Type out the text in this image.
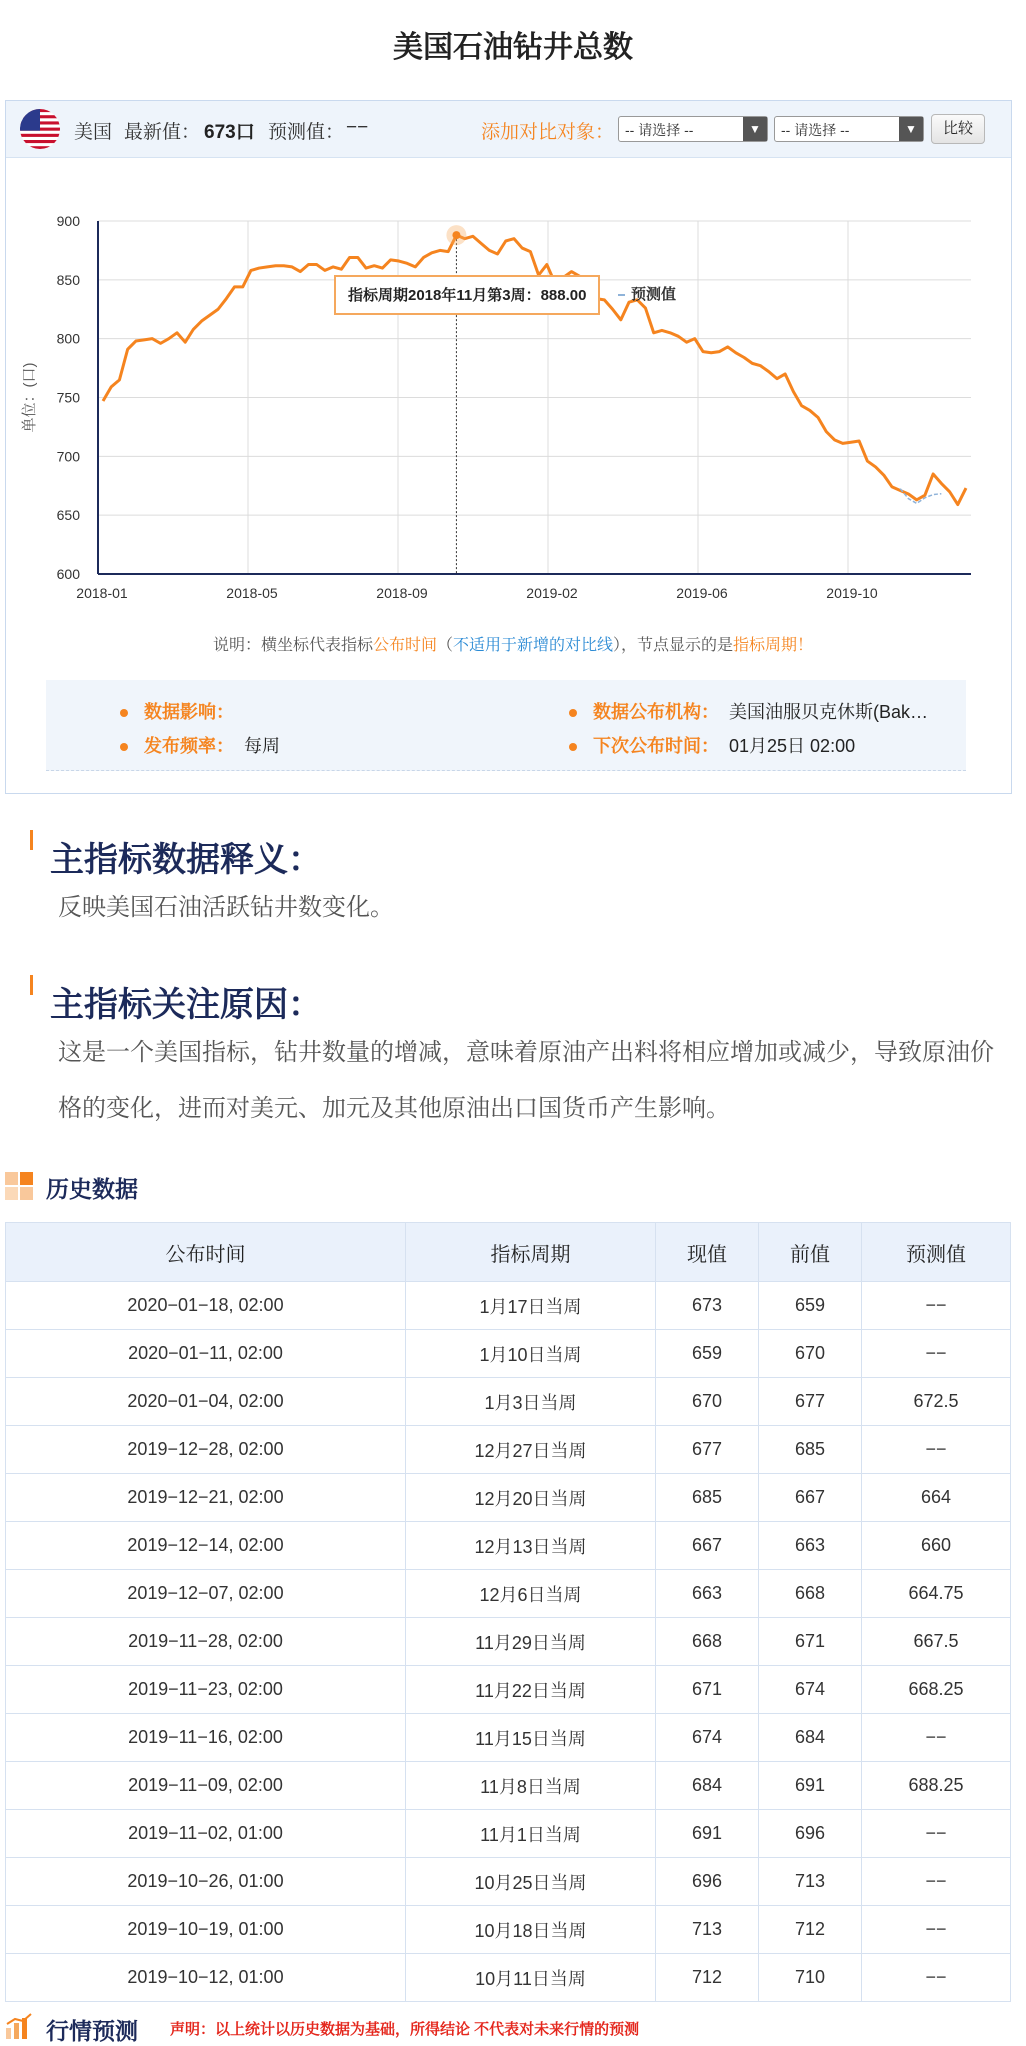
美国石油钻井总数
美国 最新值： 673口 预测值： −−	添加对比对象： -- 请选择 --	▼	-- 请选择 --	▼	比较
600
650
700
750
800
850
900
2018-01	2018-05	2018-09	2019-02	2019-06	2019-10
单位：(口)
指标周期2018年11月第3周：888.00	预测值
说明：横坐标代表指标公布时间（不适用于新增的对比线），节点显示的是指标周期！
数据影响：
发布频率： 每周
数据公布机构： 美国油服贝克休斯(Bak…
下次公布时间： 01月25日 02:00
主指标数据释义：
反映美国石油活跃钻井数变化。
主指标关注原因：
这是一个美国指标，钻井数量的增减，意味着原油产出料将相应增加或减少，导致原油价格的变化，进而对美元、加元及其他原油出口国货币产生影响。
历史数据
公布时间	指标周期	现值	前值	预测值
2020−01−18, 02:00	1月17日当周	673	659	−−
2020−01−11, 02:00	1月10日当周	659	670	−−
2020−01−04, 02:00	1月3日当周	670	677	672.5
2019−12−28, 02:00	12月27日当周	677	685	−−
2019−12−21, 02:00	12月20日当周	685	667	664
2019−12−14, 02:00	12月13日当周	667	663	660
2019−12−07, 02:00	12月6日当周	663	668	664.75
2019−11−28, 02:00	11月29日当周	668	671	667.5
2019−11−23, 02:00	11月22日当周	671	674	668.25
2019−11−16, 02:00	11月15日当周	674	684	−−
2019−11−09, 02:00	11月8日当周	684	691	688.25
2019−11−02, 01:00	11月1日当周	691	696	−−
2019−10−26, 01:00	10月25日当周	696	713	−−
2019−10−19, 01:00	10月18日当周	713	712	−−
2019−10−12, 01:00	10月11日当周	712	710	−−
行情预测 声明：以上统计以历史数据为基础，所得结论 不代表对未来行情的预测
